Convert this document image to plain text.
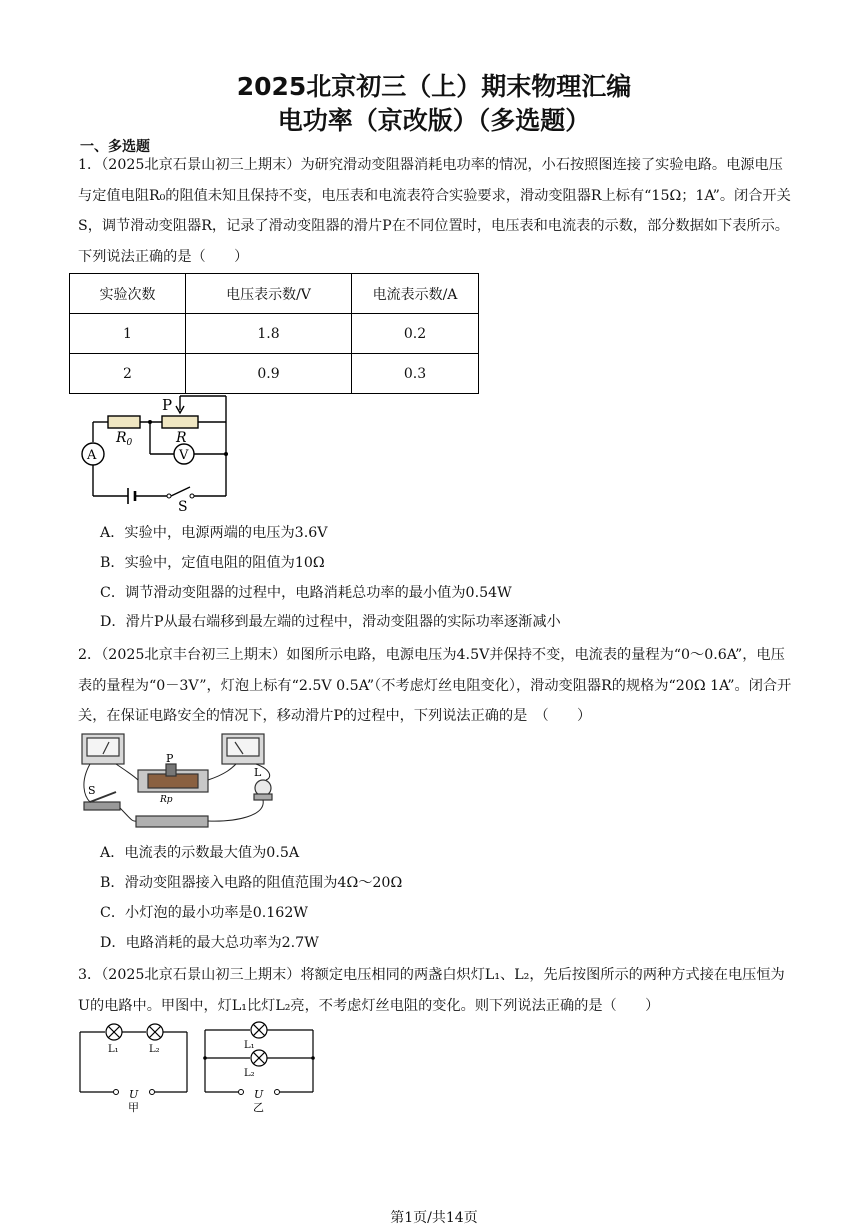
2025北京初三（上）期末物理汇编
电功率（京改版）（多选题）
一、多选题
1．（2025北京石景山初三上期末）为研究滑动变阻器消耗电功率的情况，小石按照图连接了实验电路。电源电压与定值电阻R₀的阻值未知且保持不变，电压表和电流表符合实验要求，滑动变阻器R上标有“15Ω；1A”。闭合开关S，调节滑动变阻器R，记录了滑动变阻器的滑片P在不同位置时，电压表和电流表的示数，部分数据如下表所示。下列说法正确的是（　　）
实验次数	电压表示数/V	电流表示数/A
1	1.8	0.2
2	0.9	0.3
P
$R_0$	R
A	V
S
A．实验中，电源两端的电压为3.6V
B．实验中，定值电阻的阻值为10Ω
C．调节滑动变阻器的过程中，电路消耗总功率的最小值为0.54W
D．滑片P从最右端移到最左端的过程中，滑动变阻器的实际功率逐渐减小
2．（2025北京丰台初三上期末）如图所示电路，电源电压为4.5V并保持不变，电流表的量程为“0～0.6A”，电压表的量程为“0－3V”，灯泡上标有“2.5V 0.5A”（不考虑灯丝电阻变化），滑动变阻器R的规格为“20Ω 1A”。闭合开关，在保证电路安全的情况下，移动滑片P的过程中，下列说法正确的是　（　　）
P
Rp
S
L
A．电流表的示数最大值为0.5A
B．滑动变阻器接入电路的阻值范围为4Ω～20Ω
C．小灯泡的最小功率是0.162W
D．电路消耗的最大总功率为2.7W
3．（2025北京石景山初三上期末）将额定电压相同的两盏白炽灯L₁、L₂，先后按图所示的两种方式接在电压恒为U的电路中。甲图中，灯L₁比灯L₂亮，不考虑灯丝电阻的变化。则下列说法正确的是（　　）
L₁	L₂
U
甲
L₁
L₂
U
乙
第1页/共14页
